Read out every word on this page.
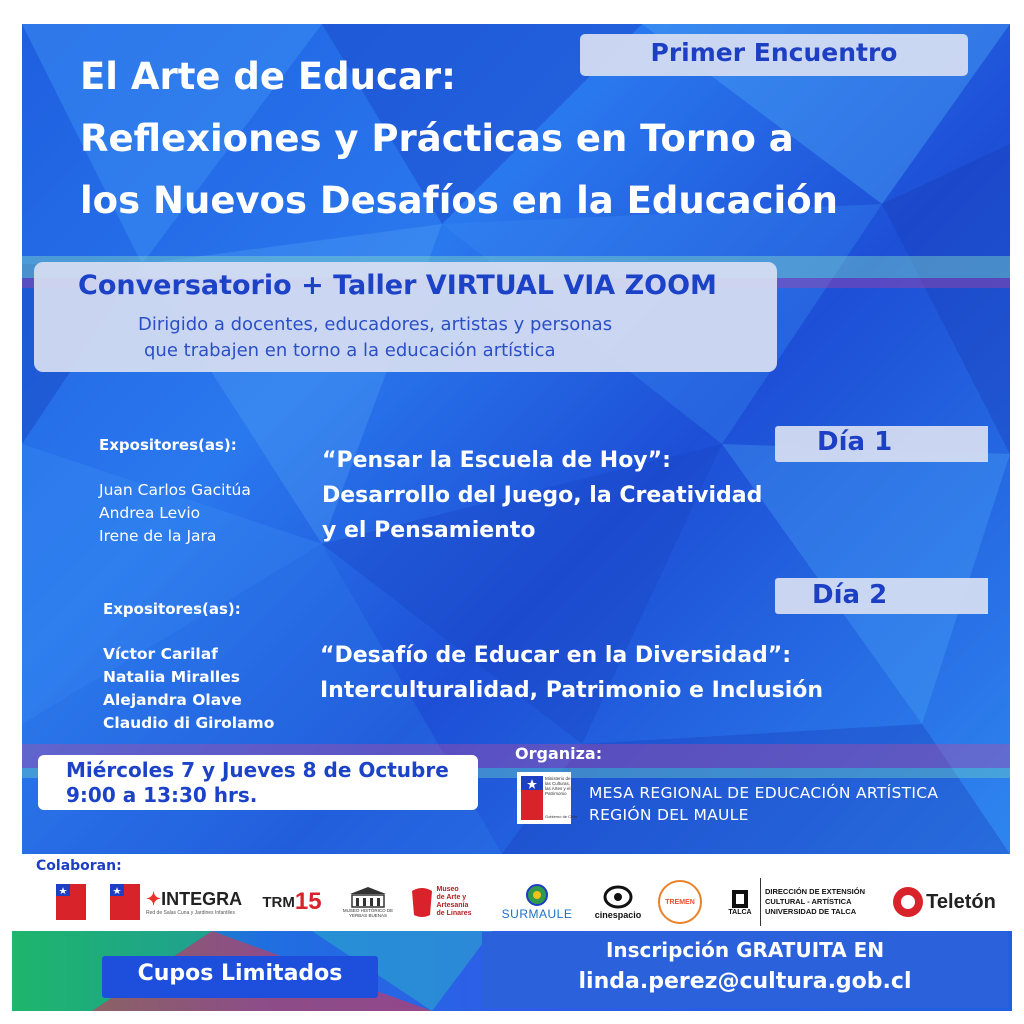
Primer Encuentro
El Arte de Educar:
Reflexiones y Prácticas en Torno a
los Nuevos Desafíos en la Educación
Conversatorio + Taller VIRTUAL VIA ZOOM
Dirigido a docentes, educadores, artistas y personas
que trabajen en torno a la educación artística
Expositores(as):
Juan Carlos Gacitúa
Andrea Levio
Irene de la Jara
Día 1
“Pensar la Escuela de Hoy”:
Desarrollo del Juego, la Creatividad
y el Pensamiento
Expositores(as):
Víctor Carilaf
Natalia Miralles
Alejandra Olave
Claudio di Girolamo
Día 2
“Desafío de Educar en la Diversidad”:
Interculturalidad, Patrimonio e Inclusión
Miércoles 7 y Jueves 8 de Octubre
9:00 a 13:30 hrs.
Organiza:
Ministerio de
las Culturas,
las Artes y el
Patrimonio
Gobierno de Chile
MESA REGIONAL DE EDUCACIÓN ARTÍSTICA
REGIÓN DEL MAULE
Colaboran:
✦INTEGRA
Red de Salas Cuna y Jardines Infantiles
TRM 15	MUSEO HISTÓRICO DE YERBAS BUENAS
Museo
de Arte y
Artesanía
de Linares	SURMAULE cinespacio
TREMEN
TALCA
DIRECCIÓN DE EXTENSIÓN
CULTURAL - ARTÍSTICA
UNIVERSIDAD DE TALCA	Teletón
Cupos Limitados
Inscripción GRATUITA EN
linda.perez@cultura.gob.cl
